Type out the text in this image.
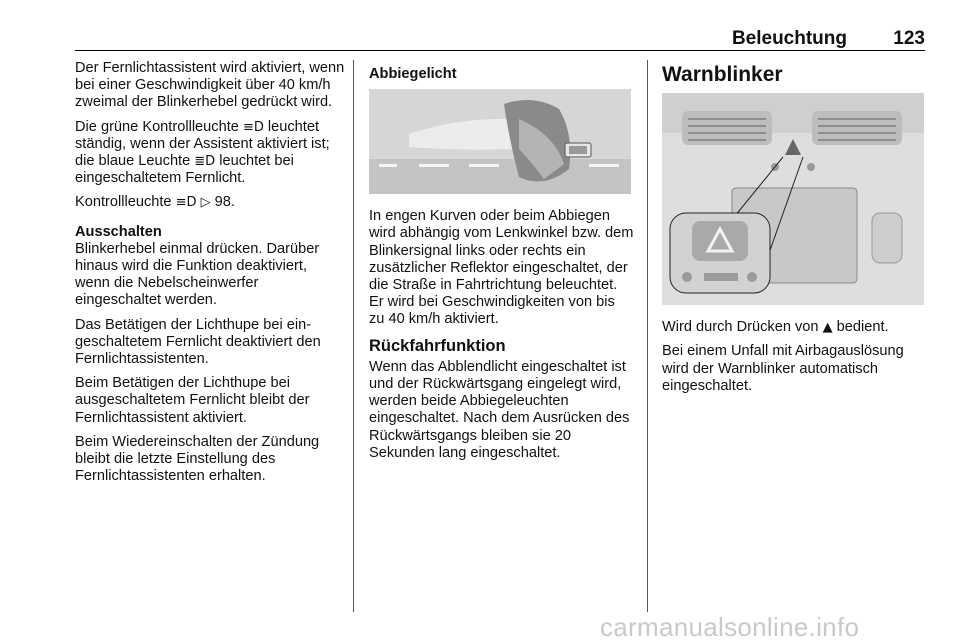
Beleuchtung 123

Der Fernlichtassistent wird aktiviert, wenn bei einer Geschwindigkeit über 40 km/h zweimal der Blinkerhebel gedrückt wird.

Die grüne Kontrollleuchte ≡D leuchtet ständig, wenn der Assistent aktiviert ist; die blaue Leuchte ≣D leuchtet bei eingeschaltetem Fernlicht.

Kontrollleuchte ≡D ▷ 98.

Ausschalten

Blinkerhebel einmal drücken. Darüber hinaus wird die Funktion deaktiviert, wenn die Nebelscheinwerfer eingeschaltet werden.

Das Betätigen der Lichthupe bei eingeschaltetem Fernlicht deaktiviert den Fernlichtassistenten.

Beim Betätigen der Lichthupe bei ausgeschaltetem Fernlicht bleibt der Fernlichtassistent aktiviert.

Beim Wiedereinschalten der Zündung bleibt die letzte Einstellung des Fernlichtassistenten erhalten.

Abbiegelicht

In engen Kurven oder beim Abbiegen wird abhängig vom Lenkwinkel bzw. dem Blinkersignal links oder rechts ein zusätzlicher Reflektor eingeschaltet, der die Straße in Fahrtrichtung beleuchtet. Er wird bei Geschwindigkeiten von bis zu 40 km/h aktiviert.

Rückfahrfunktion

Wenn das Abblendlicht eingeschaltet ist und der Rückwärtsgang eingelegt wird, werden beide Abbiegeleuchten eingeschaltet. Nach dem Ausrücken des Rückwärtsgangs bleiben sie 20 Sekunden lang eingeschaltet.

Warnblinker

Wird durch Drücken von ▲ bedient.

Bei einem Unfall mit Airbagauslösung wird der Warnblinker automatisch eingeschaltet.

carmanualsonline.info
